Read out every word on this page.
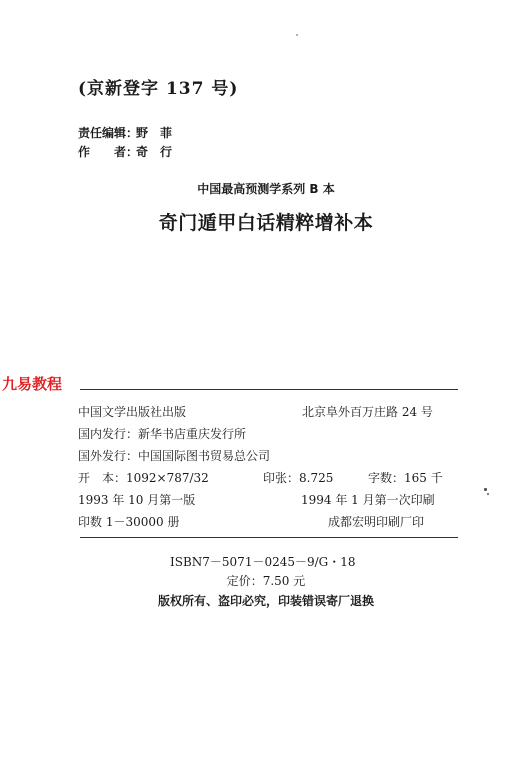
(京新登字 137 号)
责任编辑：野　菲
作　　者：奇　行
中国最高预测学系列 B 本
奇门遁甲白话精粹增补本
九易教程
中国文学出版社出版	北京阜外百万庄路 24 号
国内发行：新华书店重庆发行所
国外发行：中国国际图书贸易总公司
开 本：1092×787/32	印张：8.725	字数：165 千
1993 年 10 月第一版	1994 年 1 月第一次印刷
印数 1－30000 册	成都宏明印刷厂印
ISBN7－5071－0245－9/G・18
定价：7.50 元
版权所有、盗印必究，印装错误寄厂退换
